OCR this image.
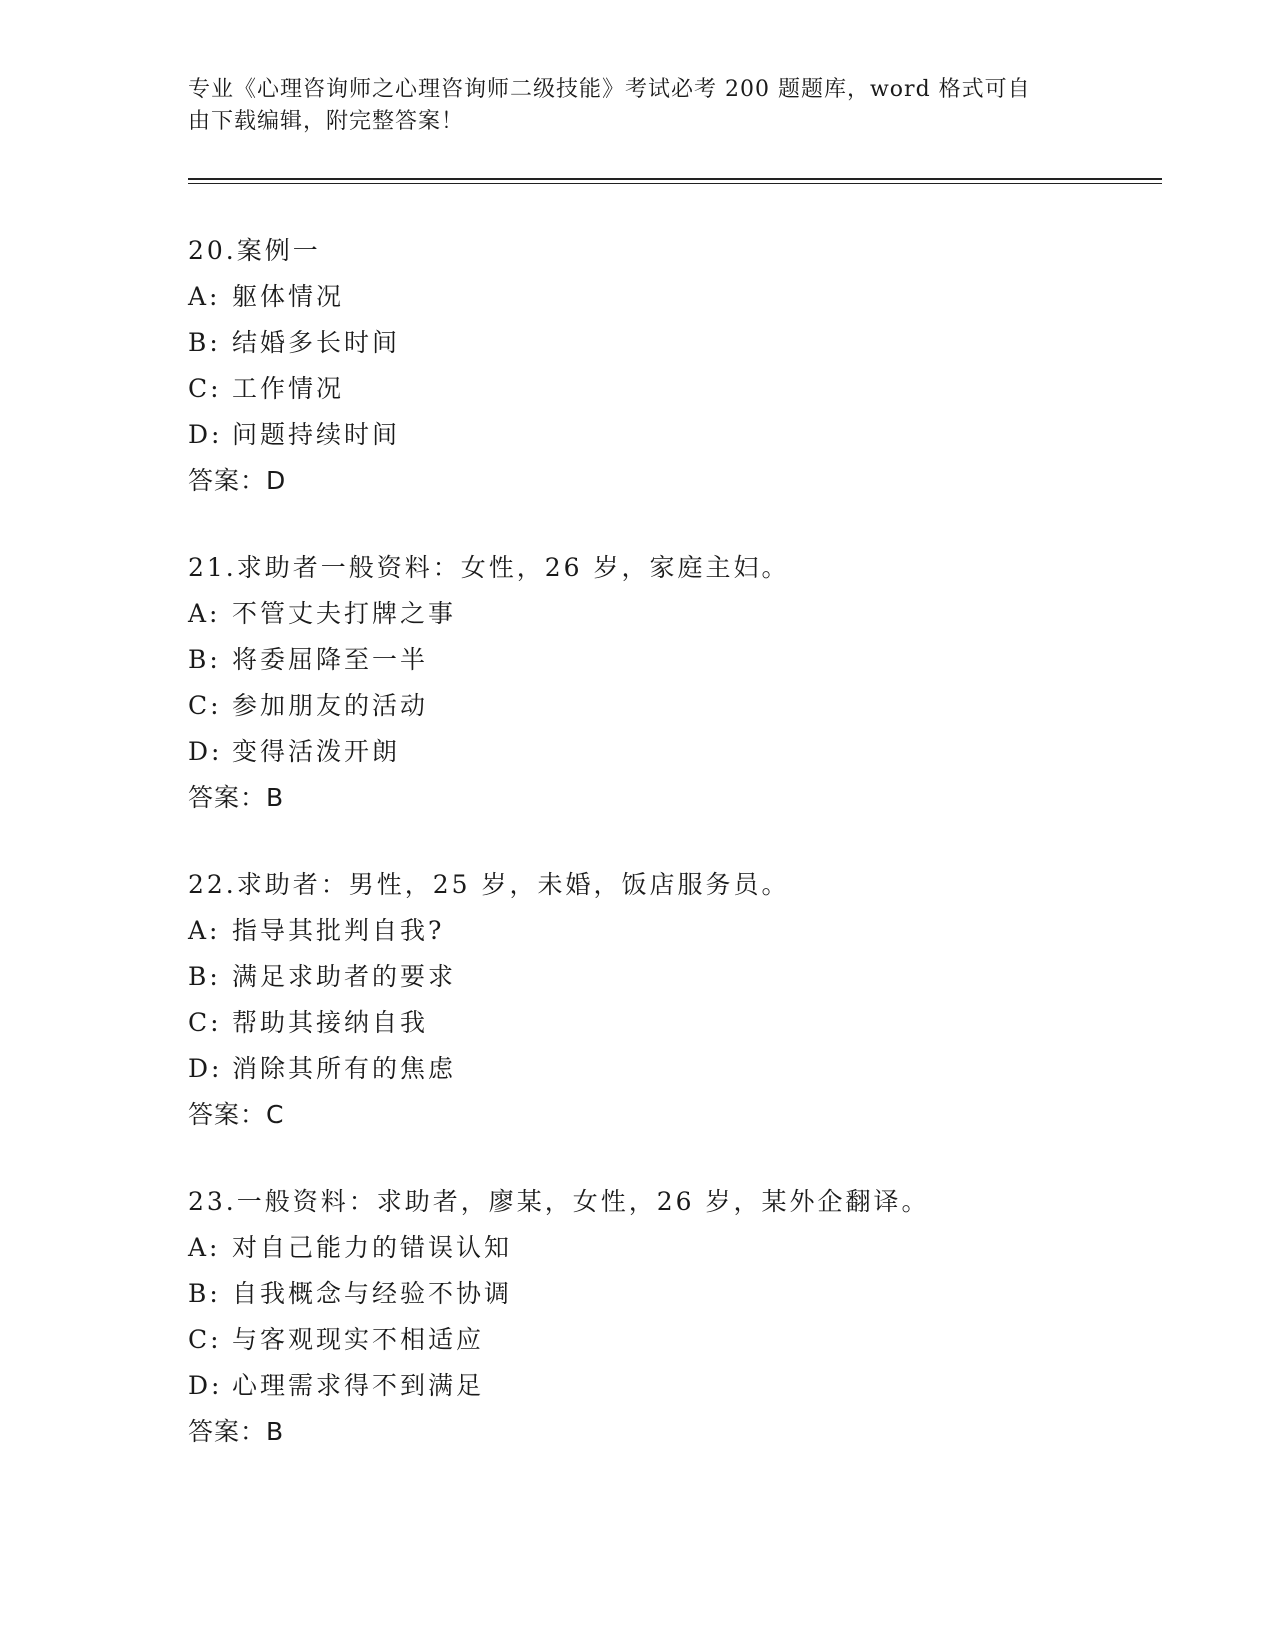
专业《心理咨询师之心理咨询师二级技能》考试必考 200 题题库，word 格式可自
由下载编辑，附完整答案！
20.案例一
A: 躯体情况
B: 结婚多长时间
C: 工作情况
D: 问题持续时间
答案：D
21.求助者一般资料：女性，26 岁，家庭主妇。
A: 不管丈夫打牌之事
B: 将委屈降至一半
C: 参加朋友的活动
D: 变得活泼开朗
答案：B
22.求助者：男性，25 岁，未婚，饭店服务员。
A: 指导其批判自我?
B: 满足求助者的要求
C: 帮助其接纳自我
D: 消除其所有的焦虑
答案：C
23.一般资料：求助者，廖某，女性，26 岁，某外企翻译。
A: 对自己能力的错误认知
B: 自我概念与经验不协调
C: 与客观现实不相适应
D: 心理需求得不到满足
答案：B
